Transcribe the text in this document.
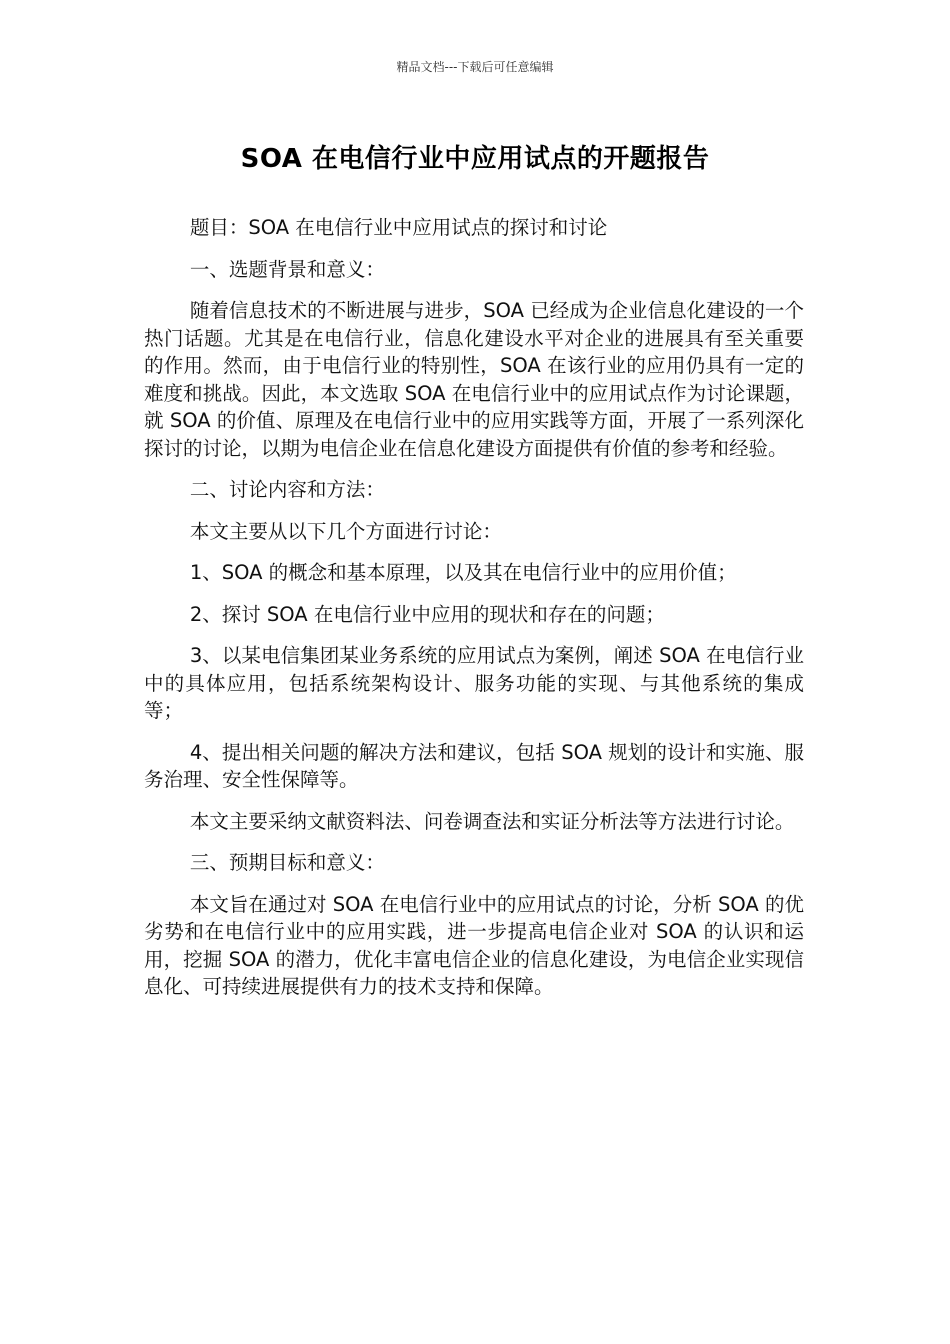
精品文档---下载后可任意编辑
SOA 在电信行业中应用试点的开题报告

题目：SOA 在电信行业中应用试点的探讨和讨论

一、选题背景和意义：

随着信息技术的不断进展与进步，SOA 已经成为企业信息化建设的一个热门话题。尤其是在电信行业，信息化建设水平对企业的进展具有至关重要的作用。然而，由于电信行业的特别性，SOA 在该行业的应用仍具有一定的难度和挑战。因此，本文选取 SOA 在电信行业中的应用试点作为讨论课题，就 SOA 的价值、原理及在电信行业中的应用实践等方面，开展了一系列深化探讨的讨论，以期为电信企业在信息化建设方面提供有价值的参考和经验。

二、讨论内容和方法：

本文主要从以下几个方面进行讨论：

1、SOA 的概念和基本原理，以及其在电信行业中的应用价值；

2、探讨 SOA 在电信行业中应用的现状和存在的问题；

3、以某电信集团某业务系统的应用试点为案例，阐述 SOA 在电信行业中的具体应用，包括系统架构设计、服务功能的实现、与其他系统的集成等；

4、提出相关问题的解决方法和建议，包括 SOA 规划的设计和实施、服务治理、安全性保障等。

本文主要采纳文献资料法、问卷调查法和实证分析法等方法进行讨论。

三、预期目标和意义：

本文旨在通过对 SOA 在电信行业中的应用试点的讨论，分析 SOA 的优劣势和在电信行业中的应用实践，进一步提高电信企业对 SOA 的认识和运用，挖掘 SOA 的潜力，优化丰富电信企业的信息化建设，为电信企业实现信息化、可持续进展提供有力的技术支持和保障。
